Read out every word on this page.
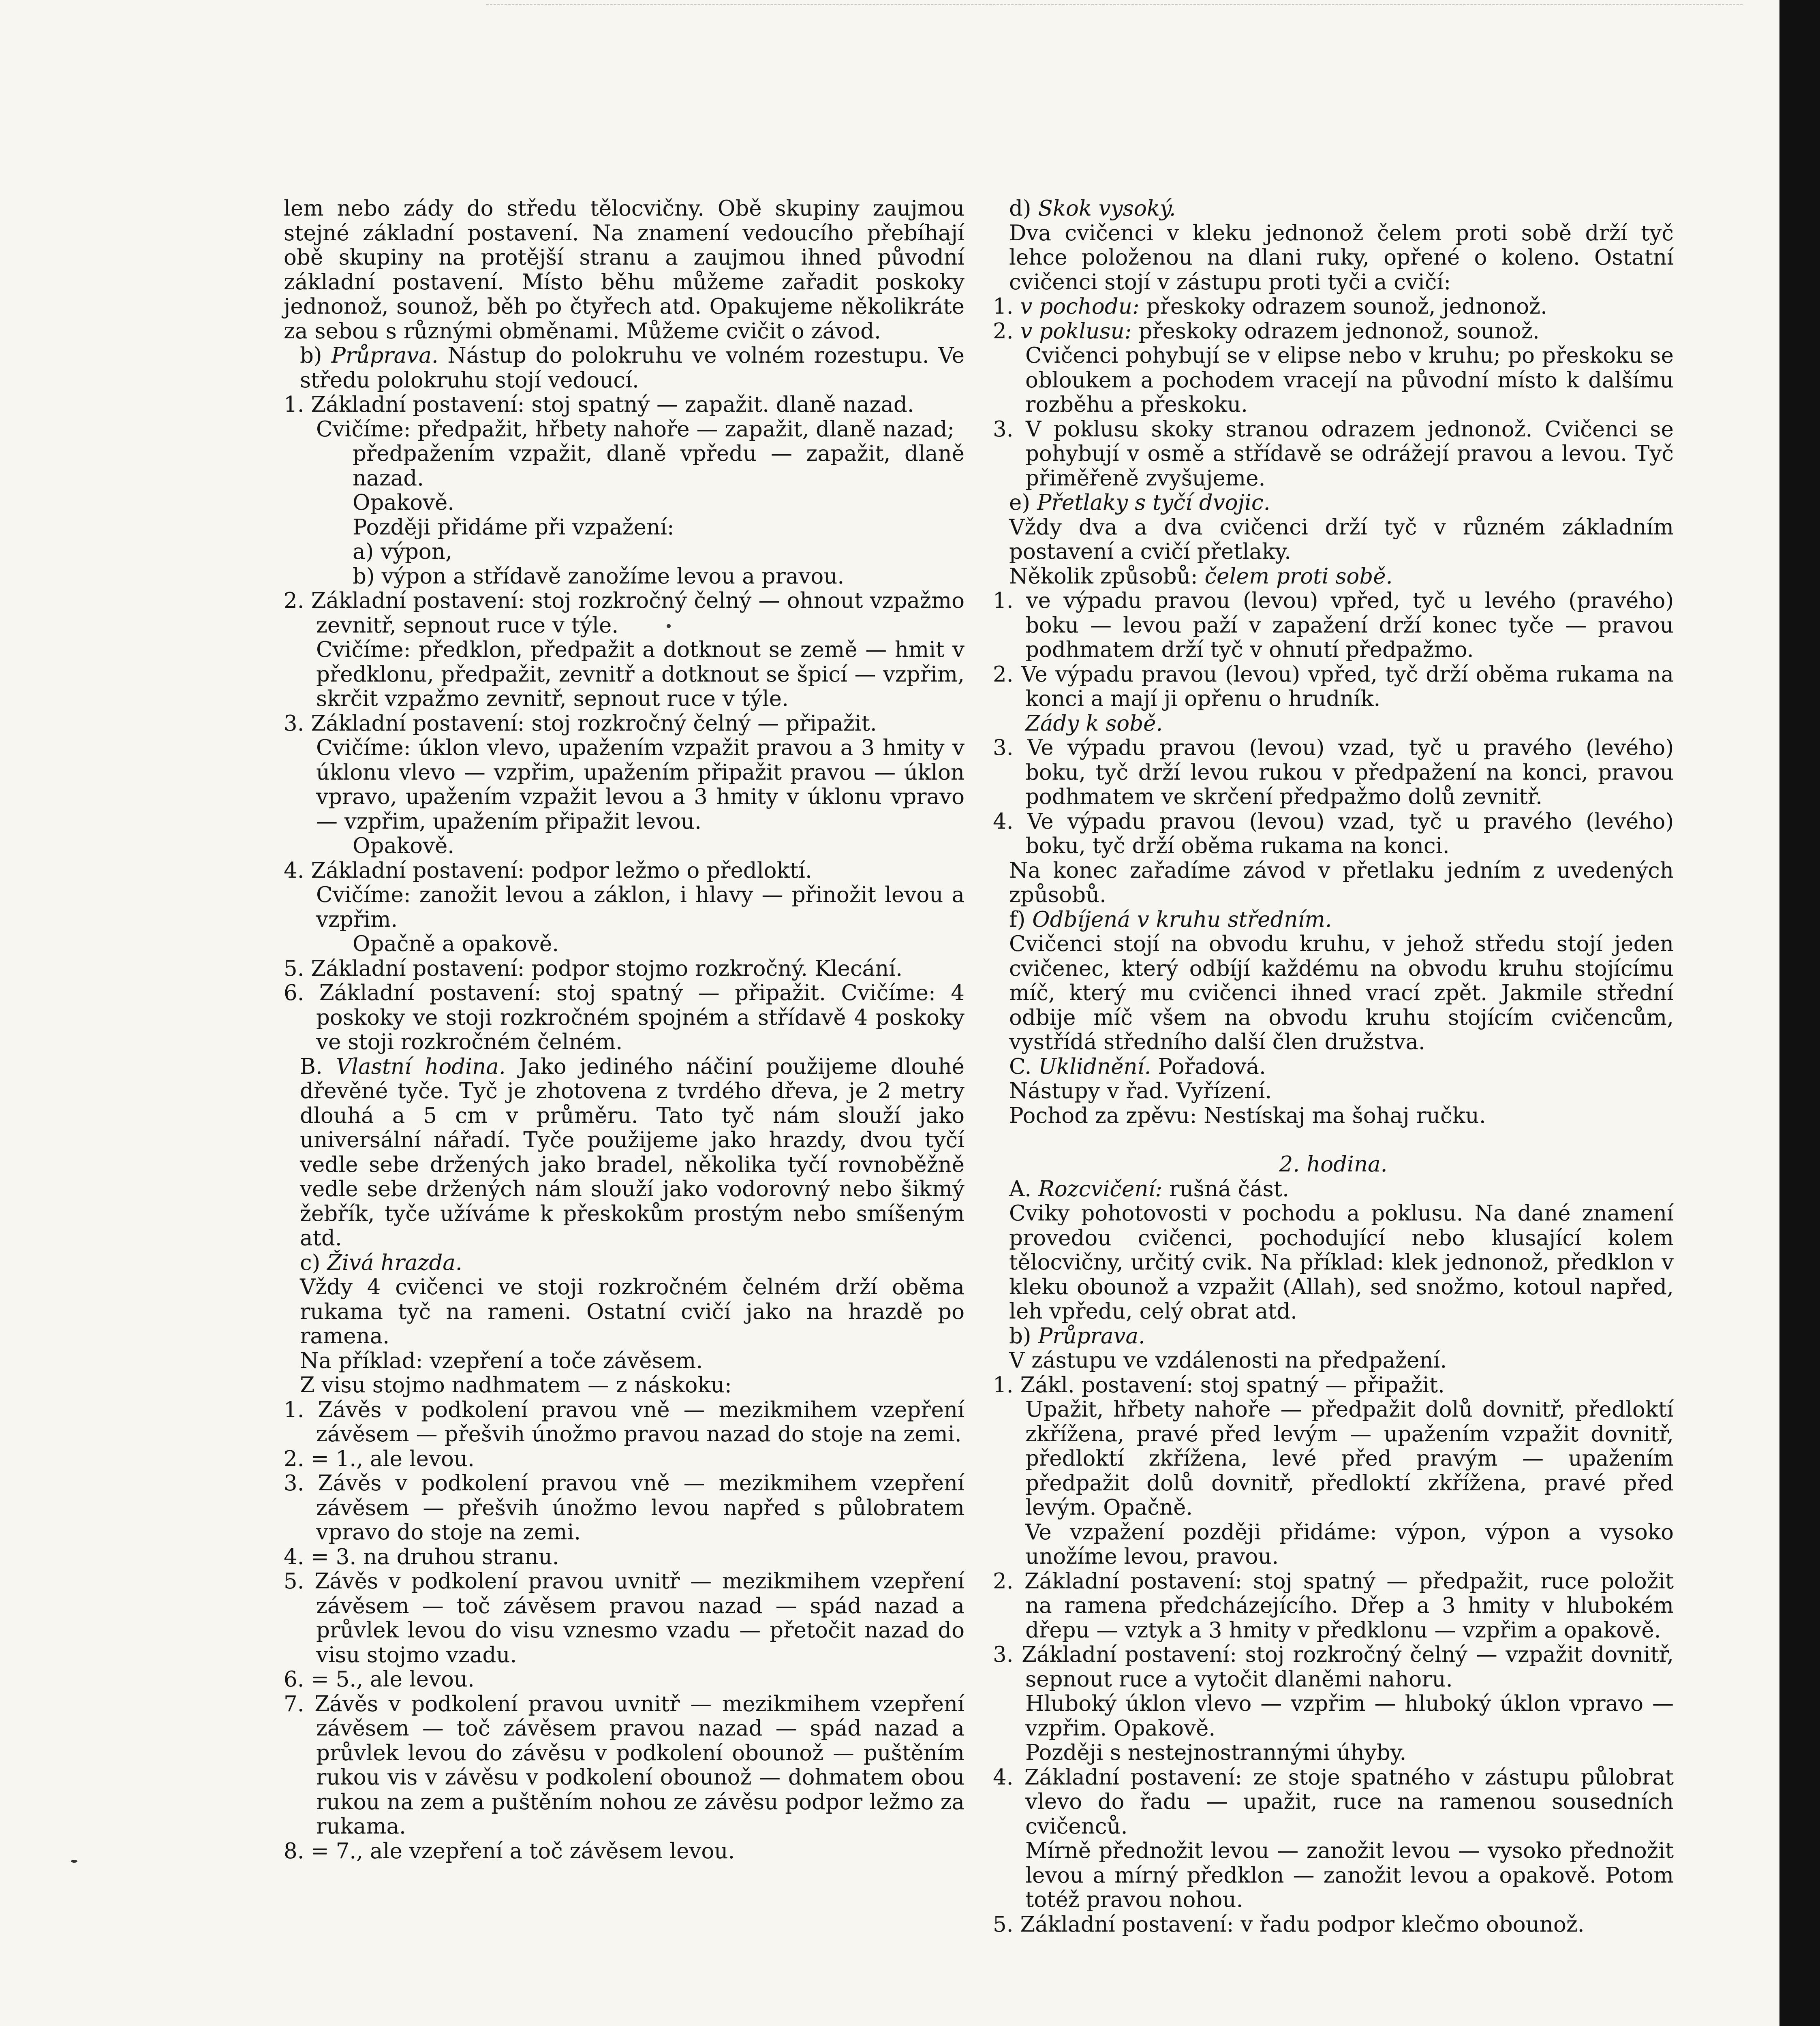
lem nebo zády do středu tělocvičny. Obě skupiny zaujmou stejné základní postavení. Na znamení vedoucího přebíhají obě skupiny na protější stranu a zaujmou ihned původní základní postavení. Místo běhu můžeme zařadit poskoky jednonož, sounož, běh po čtyřech atd. Opakujeme několikráte za sebou s různými obměnami. Můžeme cvičit o závod.

b) Průprava. Nástup do polokruhu ve volném rozestupu. Ve středu polokruhu stojí vedoucí.

1. Základní postavení: stoj spatný — zapažit. dlaně nazad.

Cvičíme: předpažit, hřbety nahoře — zapažit, dlaně nazad;

předpažením vzpažit, dlaně vpředu — zapažit, dlaně nazad.

Opakově.

Později přidáme při vzpažení:

a) výpon,

b) výpon a střídavě zanožíme levou a pravou.

2. Základní postavení: stoj rozkročný čelný — ohnout vzpažmo zevnitř, sepnout ruce v týle.

Cvičíme: předklon, předpažit a dotknout se země — hmit v předklonu, předpažit, zevnitř a dotknout se špicí — vzpřim, skrčit vzpažmo zevnitř, sepnout ruce v týle.

3. Základní postavení: stoj rozkročný čelný — připažit.

Cvičíme: úklon vlevo, upažením vzpažit pravou a 3 hmity v úklonu vlevo — vzpřim, upažením připažit pravou — úklon vpravo, upažením vzpažit levou a 3 hmity v úklonu vpravo — vzpřim, upažením připažit levou.

Opakově.

4. Základní postavení: podpor ležmo o předloktí.

Cvičíme: zanožit levou a záklon, i hlavy — přinožit levou a vzpřim.

Opačně a opakově.

5. Základní postavení: podpor stojmo rozkročný. Klecání.

6. Základní postavení: stoj spatný — připažit. Cvičíme: 4 poskoky ve stoji rozkročném spojném a střídavě 4 poskoky ve stoji rozkročném čelném.

B. Vlastní hodina. Jako jediného náčiní použijeme dlouhé dřevěné tyče. Tyč je zhotovena z tvrdého dřeva, je 2 metry dlouhá a 5 cm v průměru. Tato tyč nám slouží jako universální nářadí. Tyče použijeme jako hrazdy, dvou tyčí vedle sebe držených jako bradel, několika tyčí rovnoběžně vedle sebe držených nám slouží jako vodorovný nebo šikmý žebřík, tyče užíváme k přeskokům prostým nebo smíšeným atd.

c) Živá hrazda.

Vždy 4 cvičenci ve stoji rozkročném čelném drží oběma rukama tyč na rameni. Ostatní cvičí jako na hrazdě po ramena.

Na příklad: vzepření a toče závěsem.

Z visu stojmo nadhmatem — z náskoku:

1. Závěs v podkolení pravou vně — mezikmihem vzepření závěsem — přešvih únožmo pravou nazad do stoje na zemi.

2. = 1., ale levou.

3. Závěs v podkolení pravou vně — mezikmihem vzepření závěsem — přešvih únožmo levou napřed s půlobratem vpravo do stoje na zemi.

4. = 3. na druhou stranu.

5. Závěs v podkolení pravou uvnitř — mezikmihem vzepření závěsem — toč závěsem pravou nazad — spád nazad a průvlek levou do visu vznesmo vzadu — přetočit nazad do visu stojmo vzadu.

6. = 5., ale levou.

7. Závěs v podkolení pravou uvnitř — mezikmihem vzepření závěsem — toč závěsem pravou nazad — spád nazad a průvlek levou do závěsu v podkolení obounož — puštěním rukou vis v závěsu v podkolení obounož — dohmatem obou rukou na zem a puštěním nohou ze závěsu podpor ležmo za rukama.

8. = 7., ale vzepření a toč závěsem levou.

d) Skok vysoký.

Dva cvičenci v kleku jednonož čelem proti sobě drží tyč lehce položenou na dlani ruky, opřené o koleno. Ostatní cvičenci stojí v zástupu proti tyči a cvičí:

1. v pochodu: přeskoky odrazem sounož, jednonož.

2. v poklusu: přeskoky odrazem jednonož, sounož.

Cvičenci pohybují se v elipse nebo v kruhu; po přeskoku se obloukem a pochodem vracejí na původní místo k dalšímu rozběhu a přeskoku.

3. V poklusu skoky stranou odrazem jednonož. Cvičenci se pohybují v osmě a střídavě se odrážejí pravou a levou. Tyč přiměřeně zvyšujeme.

e) Přetlaky s tyčí dvojic.

Vždy dva a dva cvičenci drží tyč v různém základním postavení a cvičí přetlaky.

Několik způsobů: čelem proti sobě.

1. ve výpadu pravou (levou) vpřed, tyč u levého (pravého) boku — levou paží v zapažení drží konec tyče — pravou podhmatem drží tyč v ohnutí předpažmo.

2. Ve výpadu pravou (levou) vpřed, tyč drží oběma rukama na konci a mají ji opřenu o hrudník.

Zády k sobě.

3. Ve výpadu pravou (levou) vzad, tyč u pravého (levého) boku, tyč drží levou rukou v předpažení na konci, pravou podhmatem ve skrčení předpažmo dolů zevnitř.

4. Ve výpadu pravou (levou) vzad, tyč u pravého (levého) boku, tyč drží oběma rukama na konci.

Na konec zařadíme závod v přetlaku jedním z uvedených způsobů.

f) Odbíjená v kruhu středním.

Cvičenci stojí na obvodu kruhu, v jehož středu stojí jeden cvičenec, který odbíjí každému na obvodu kruhu stojícímu míč, který mu cvičenci ihned vrací zpět. Jakmile střední odbije míč všem na obvodu kruhu stojícím cvičencům, vystřídá středního další člen družstva.

C. Uklidnění. Pořadová.

Nástupy v řad. Vyřízení.

Pochod za zpěvu: Nestískaj ma šohaj ručku.

2. hodina.

A. Rozcvičení: rušná část.

Cviky pohotovosti v pochodu a poklusu. Na dané znamení provedou cvičenci, pochodující nebo klusající kolem tělocvičny, určitý cvik. Na příklad: klek jednonož, předklon v kleku obounož a vzpažit (Allah), sed snožmo, kotoul napřed, leh vpředu, celý obrat atd.

b) Průprava.

V zástupu ve vzdálenosti na předpažení.

1. Zákl. postavení: stoj spatný — připažit.

Upažit, hřbety nahoře — předpažit dolů dovnitř, předloktí zkřížena, pravé před levým — upažením vzpažit dovnitř, předloktí zkřížena, levé před pravým — upažením předpažit dolů dovnitř, předloktí zkřížena, pravé před levým. Opačně.

Ve vzpažení později přidáme: výpon, výpon a vysoko unožíme levou, pravou.

2. Základní postavení: stoj spatný — předpažit, ruce položit na ramena předcházejícího. Dřep a 3 hmity v hlubokém dřepu — vztyk a 3 hmity v předklonu — vzpřim a opakově.

3. Základní postavení: stoj rozkročný čelný — vzpažit dovnitř, sepnout ruce a vytočit dlaněmi nahoru.

Hluboký úklon vlevo — vzpřim — hluboký úklon vpravo — vzpřim. Opakově.

Později s nestejnostrannými úhyby.

4. Základní postavení: ze stoje spatného v zástupu půlobrat vlevo do řadu — upažit, ruce na ramenou sousedních cvičenců.

Mírně přednožit levou — zanožit levou — vysoko přednožit levou a mírný předklon — zanožit levou a opakově. Potom totéž pravou nohou.

5. Základní postavení: v řadu podpor klečmo obounož.
